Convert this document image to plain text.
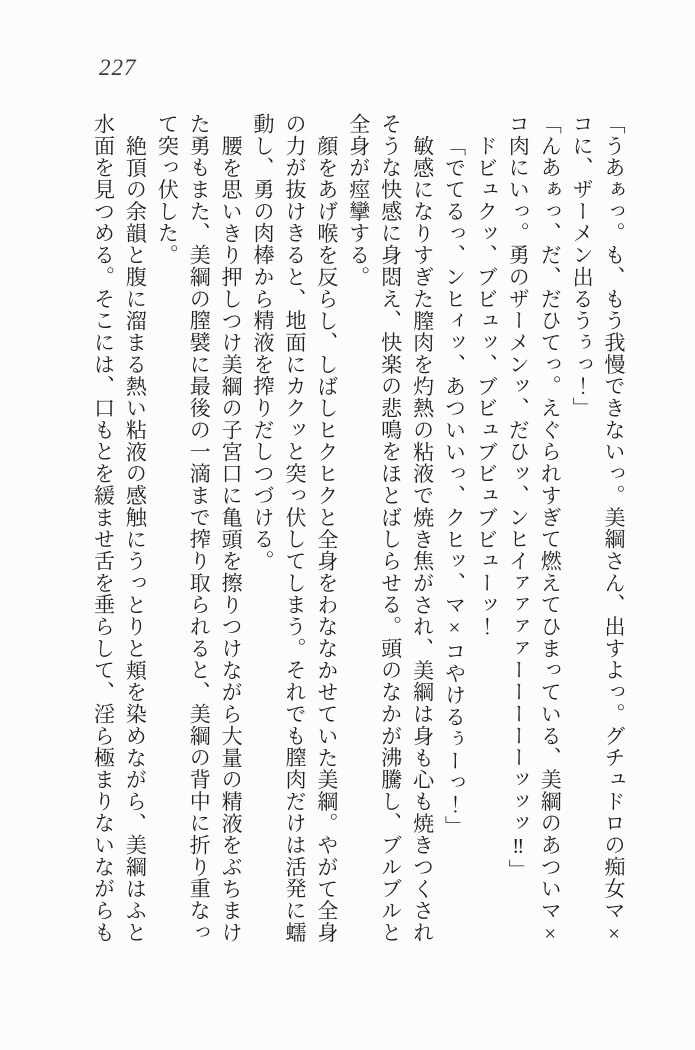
227

「うあぁっ。も、もう我慢できないっ。美綱さん、出すよっ。グチュドロの痴女マ×コに、ザーメン出るうぅっ！」

「んあぁっ、だ、だひてっ。えぐられすぎて燃えてひまっている、美綱のあついマ×コ肉にいっ。勇のザーメンッ、だひッ、ンヒイァァァァーーーーーッッッ‼」

ドビュクッ、ブビュッ、ブビュブビュブビューッ！

「でてるっ、ンヒィッ、あついいっ、クヒッ、マ×コやけるぅーっ！」

敏感になりすぎた膣肉を灼熱の粘液で焼き焦がされ、美綱は身も心も焼きつくされそうな快感に身悶え、快楽の悲鳴をほとばしらせる。頭のなかが沸騰し、ブルブルと全身が痙攣する。

顔をあげ喉を反らし、しばしヒクヒクと全身をわななかせていた美綱。やがて全身の力が抜けきると、地面にカクッと突っ伏してしまう。それでも膣肉だけは活発に蠕動し、勇の肉棒から精液を搾りだしつづける。

腰を思いきり押しつけ美綱の子宮口に亀頭を擦りつけながら大量の精液をぶちまけた勇もまた、美綱の膣襞に最後の一滴まで搾り取られると、美綱の背中に折り重なって突っ伏した。

絶頂の余韻と腹に溜まる熱い粘液の感触にうっとりと頬を染めながら、美綱はふと水面を見つめる。そこには、口もとを緩ませ舌を垂らして、淫ら極まりないながらも
